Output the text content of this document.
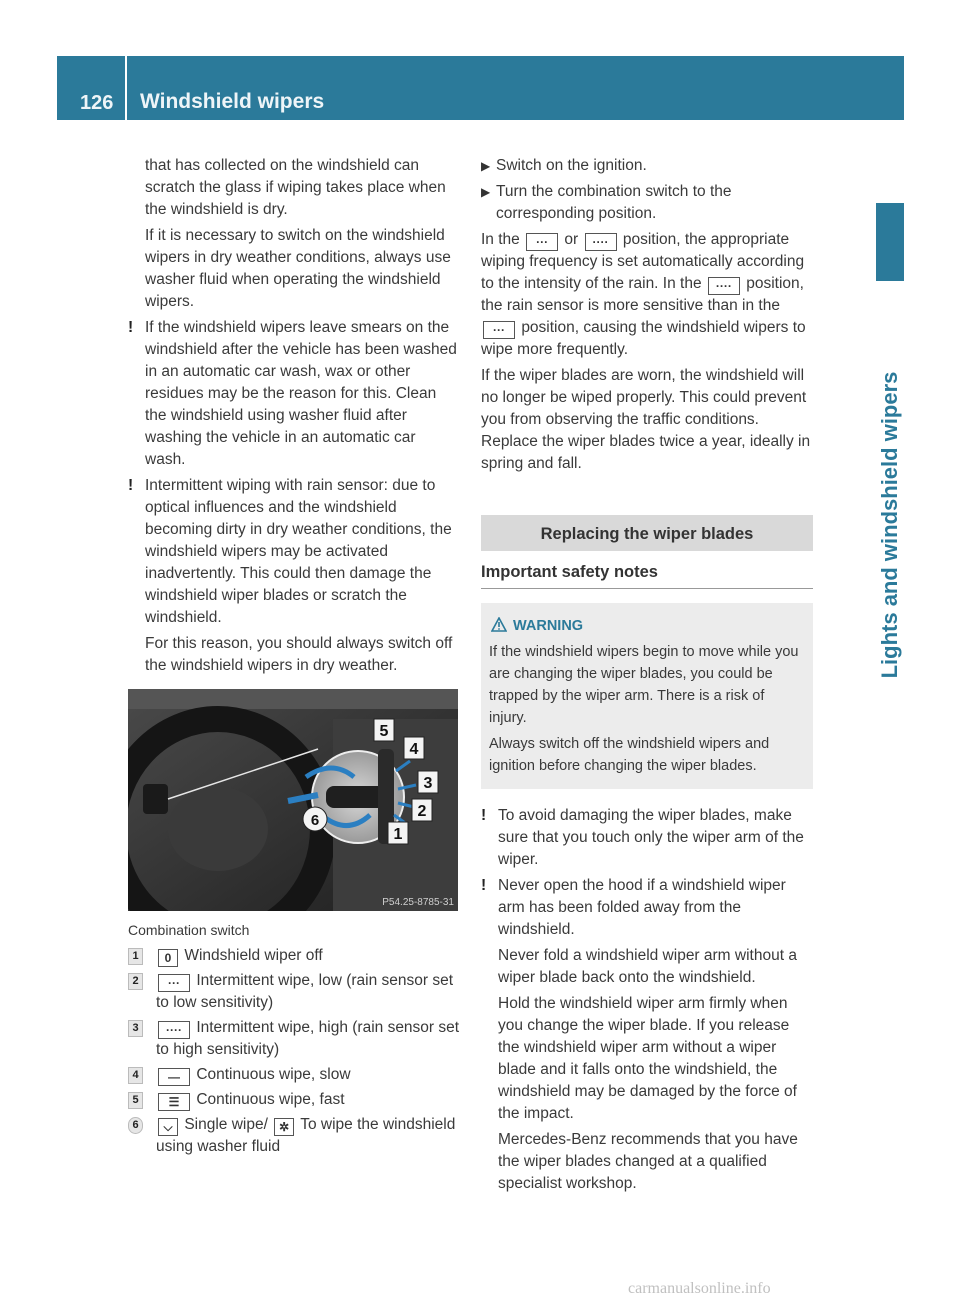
126 Windshield wipers
Lights and windshield wipers

that has collected on the windshield can scratch the glass if wiping takes place when the windshield is dry.

If it is necessary to switch on the windshield wipers in dry weather conditions, always use washer fluid when operating the windshield wipers.

! If the windshield wipers leave smears on the windshield after the vehicle has been washed in an automatic car wash, wax or other residues may be the reason for this. Clean the windshield using washer fluid after washing the vehicle in an automatic car wash.

! Intermittent wiping with rain sensor: due to optical influences and the windshield becoming dirty in dry weather conditions, the windshield wipers may be activated inadvertently. This could then damage the windshield wiper blades or scratch the windshield.

For this reason, you should always switch off the windshield wipers in dry weather.

5
4
3
2
1
6
P54.25-8785-31

Combination switch

1	0 Windshield wiper off
2	··· Intermittent wipe, low (rain sensor set to low sensitivity)
3	···· Intermittent wipe, high (rain sensor set to high sensitivity)
4	— Continuous wipe, slow
5	☰ Continuous wipe, fast
6	⌵ Single wipe/ ✲ To wipe the windshield using washer fluid

▶ Switch on the ignition.

▶ Turn the combination switch to the corresponding position.

In the ··· or ···· position, the appropriate wiping frequency is set automatically according to the intensity of the rain. In the ···· position, the rain sensor is more sensitive than in the ··· position, causing the windshield wipers to wipe more frequently.

If the wiper blades are worn, the windshield will no longer be wiped properly. This could prevent you from observing the traffic conditions. Replace the wiper blades twice a year, ideally in spring and fall.

Replacing the wiper blades
Important safety notes
WARNING

If the windshield wipers begin to move while you are changing the wiper blades, you could be trapped by the wiper arm. There is a risk of injury.

Always switch off the windshield wipers and ignition before changing the wiper blades.

! To avoid damaging the wiper blades, make sure that you touch only the wiper arm of the wiper.

! Never open the hood if a windshield wiper arm has been folded away from the windshield.

Never fold a windshield wiper arm without a wiper blade back onto the windshield.

Hold the windshield wiper arm firmly when you change the wiper blade. If you release the windshield wiper arm without a wiper blade and it falls onto the windshield, the windshield may be damaged by the force of the impact.

Mercedes-Benz recommends that you have the wiper blades changed at a qualified specialist workshop.

carmanualsonline.info
